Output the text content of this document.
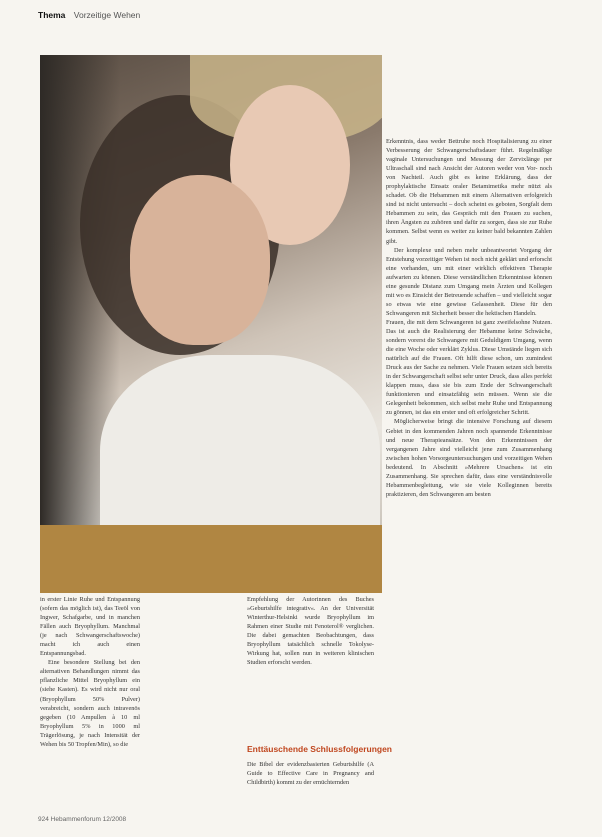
Thema Vorzeitige Wehen

Erkenntnis, dass weder Bettruhe noch Hospitalisierung zu einer Verbesserung der Schwangerschaftsdauer führt. Regelmäßige vaginale Untersuchungen und Messung der Zervixlänge per Ultraschall sind nach Ansicht der Autoren weder von Vor- noch von Nachteil. Auch gibt es keine Erklärung, dass der prophylaktische Einsatz oraler Betamimetika mehr nützt als schadet. Ob die Hebammen mit einem Alternativen erfolgreich sind ist nicht untersucht – doch scheint es geboten, Sorgfalt dem Hebammen zu sein, das Gespräch mit den Frauen zu suchen, ihren Ängsten zu zuhören und dafür zu sorgen, dass sie zur Ruhe kommen. Selbst wenn es weiter zu keiner bald bekannten Zahlen gibt.

Der komplexe und neben mehr unbeantwortet Vorgang der Entstehung vorzeitiger Wehen ist noch nicht geklärt und erforscht eine vorhanden, um mit einer wirklich effektiven Therapie aufwarten zu können. Diese verständlichen Erkenntnisse können eine gesunde Distanz zum Umgang mein Ärzten und Kollegen mit wo es Einsicht der Betreuende schaffen – und vielleicht sogar so etwas wie eine gewisse Gelassenheit. Diese für den Schwangeren mit Sicherheit besser die hektischen Handeln.

Frauen, die mit dem Schwangeren ist ganz zweifelsohne Nutzen. Das ist auch die Realisierung der Hebamme keine Schwäche, sondern vorerst die Schwangere mit Geduldigem Umgang, wenn die eine Woche oder verklärt Zyklus. Diese Umstände liegen sich natürlich auf die Frauen. Oft hilft diese schon, um zumindest Druck aus der Sache zu nehmen. Viele Frauen setzen sich bereits in der Schwangerschaft selbst sehr unter Druck, dass alles perfekt klappen muss, dass sie bis zum Ende der Schwangerschaft funktionieren und einsatzfähig sein müssen. Wenn sie die Gelegenheit bekommen, sich selbst mehr Ruhe und Entspannung zu gönnen, ist das ein erster und oft erfolgreicher Schritt.

Möglicherweise bringt die intensive Forschung auf diesem Gebiet in den kommenden Jahren noch spannende Erkenntnisse und neue Therapieansätze. Von den Erkenntnissen der vergangenen Jahre sind vielleicht jene zum Zusammenhang zwischen hohen Vorsorgeuntersuchungen und vorzeitigen Wehen bedeutend. In Abschnitt »Mehrere Ursachen« ist ein Zusammenhang. Sie sprechen dafür, dass eine verständnisvolle Hebammenbegleitung, wie sie viele Kolleginnen bereits praktizieren, den Schwangeren am besten

in erster Linie Ruhe und Entspannung (sofern das möglich ist), das Teeöl von Ingwer, Schafgarbe, und in manchen Fällen auch Bryophyllum. Manchmal (je nach Schwangerschaftswoche) macht ich auch einen Entspannungsbad.

Eine besondere Stellung bei den alternativen Behandlungen nimmt das pflanzliche Mittel Bryophyllum ein (siehe Kasten). Es wird nicht nur oral (Bryophyllum 50% Pulver) verabreicht, sondern auch intravenös gegeben (10 Ampullen à 10 ml Bryophyllum 5% in 1000 ml Trägerlösung, je nach Intensität der Wehen bis 50 Tropfen/Min), so die

Empfehlung der Autorinnen des Buches »Geburtshilfe integrativ«. An der Universität Winterthur-Helsinki wurde Bryophyllum im Rahmen einer Studie mit Fenoterol® verglichen. Die dabei gemachten Beobachtungen, dass Bryophyllum tatsächlich schnelle Tokolyse-Wirkung hat, sollen nun in weiteren klinischen Studien erforscht werden.

Enttäuschende Schlussfolgerungen
Die Bibel der evidenzbasierten Geburtshilfe (A Guide to Effective Care in Pregnancy and Childbirth) kommt zu der ernüchternden
924 Hebammenforum 12/2008
